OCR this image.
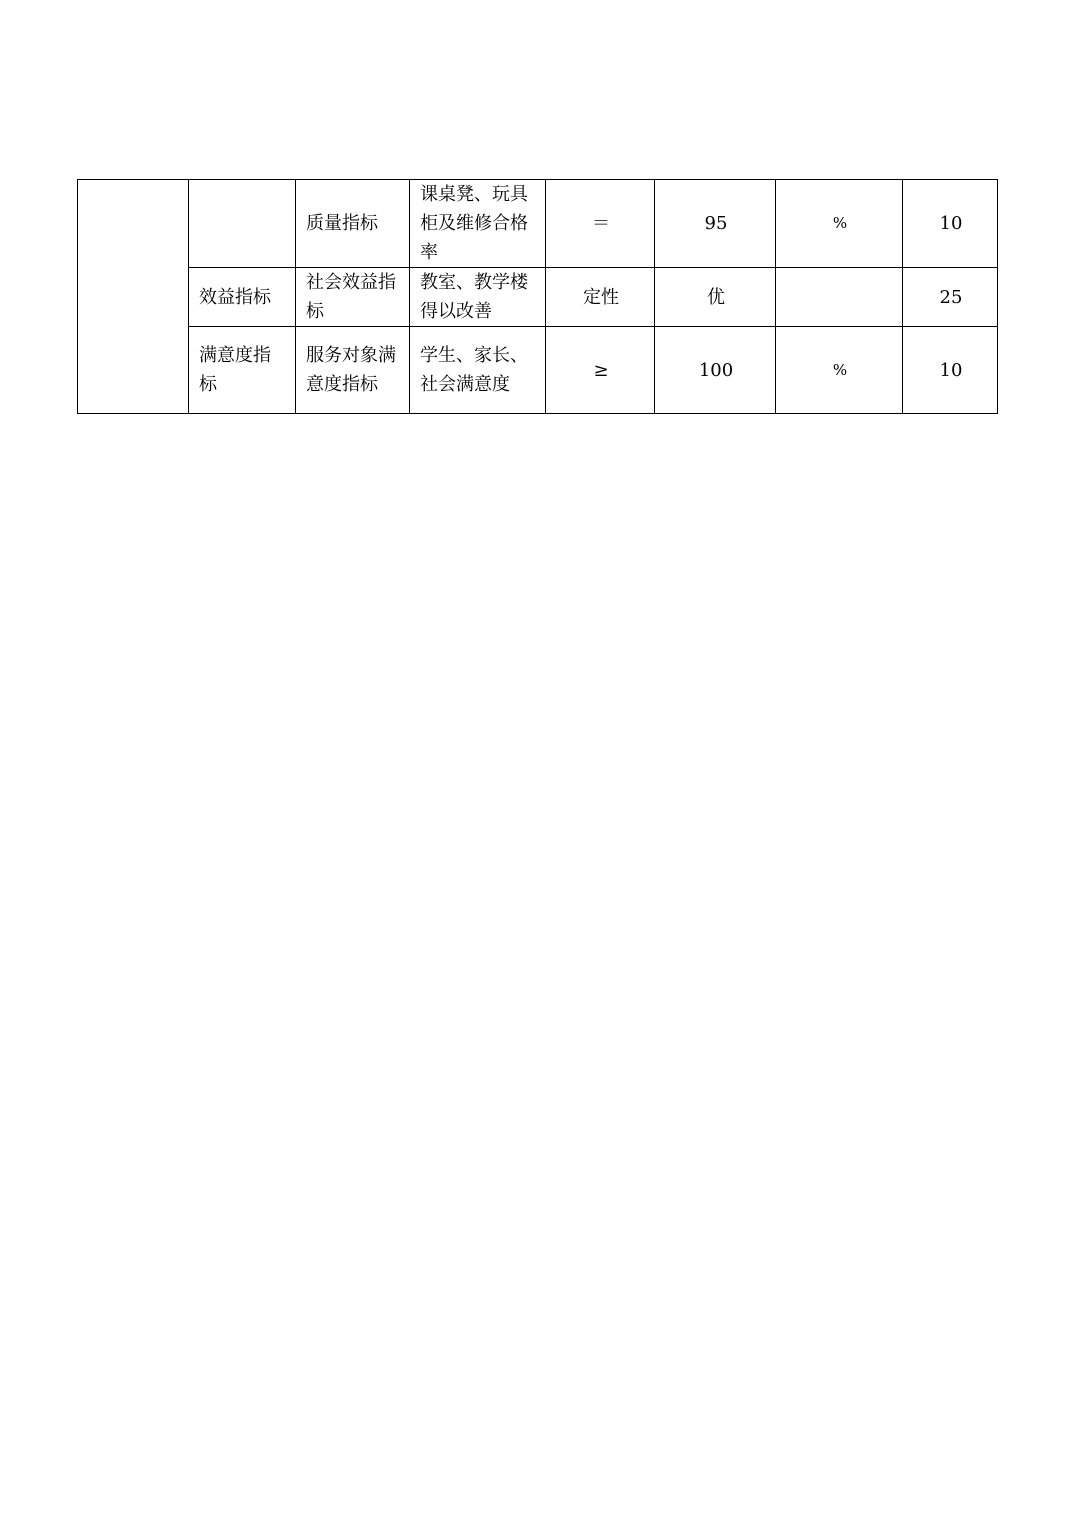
		质量指标	课桌凳、玩具柜及维修合格率	＝	95	%	10
	效益指标	社会效益指标	教室、教学楼得以改善	定性	优		25
	满意度指标	服务对象满意度指标	学生、家长、社会满意度	≥	100	%	10
